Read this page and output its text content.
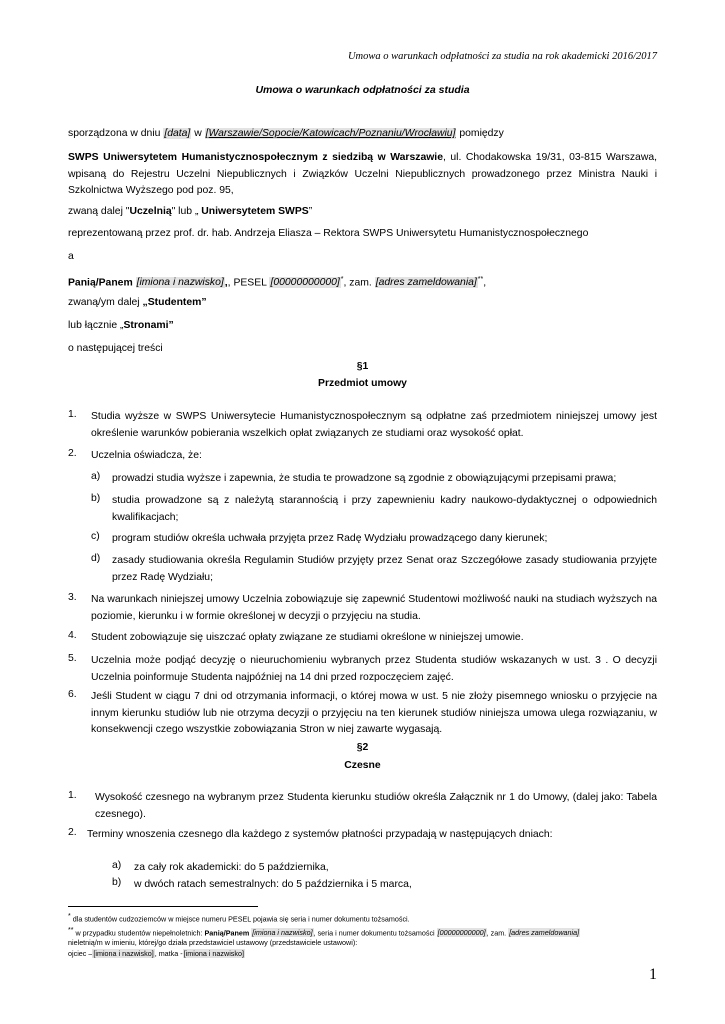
Umowa o warunkach odpłatności za studia na rok akademicki 2016/2017
Umowa o warunkach odpłatności za studia
sporządzona w dniu [data] w [Warszawie/Sopocie/Katowicach/Poznaniu/Wrocławiu] pomiędzy
SWPS Uniwersytetem Humanistycznospołecznym z siedzibą w Warszawie, ul. Chodakowska 19/31, 03-815 Warszawa, wpisaną do Rejestru Uczelni Niepublicznych i Związków Uczelni Niepublicznych prowadzonego przez Ministra Nauki i Szkolnictwa Wyższego pod poz. 95,
zwaną dalej "Uczelnią" lub „ Uniwersytetem SWPS”
reprezentowaną przez prof. dr. hab. Andrzeja Eliasza – Rektora SWPS Uniwersytetu Humanistycznospołecznego
a
Panią/Panem [imiona i nazwisko],, PESEL [00000000000]*, zam. [adres zameldowania]**,
zwaną/ym dalej „Studentem”
lub łącznie „Stronami”
o następującej treści
§1
Przedmiot umowy
1. Studia wyższe w SWPS Uniwersytecie Humanistycznospołecznym są odpłatne zaś przedmiotem niniejszej umowy jest określenie warunków pobierania wszelkich opłat związanych ze studiami oraz wysokość opłat.
2. Uczelnia oświadcza, że:
a) prowadzi studia wyższe i zapewnia, że studia te prowadzone są zgodnie z obowiązującymi przepisami prawa;
b) studia prowadzone są z należytą starannością i przy zapewnieniu kadry naukowo-dydaktycznej o odpowiednich kwalifikacjach;
c) program studiów określa uchwała przyjęta przez Radę Wydziału prowadzącego dany kierunek;
d) zasady studiowania określa Regulamin Studiów przyjęty przez Senat oraz Szczegółowe zasady studiowania przyjęte przez Radę Wydziału;
3. Na warunkach niniejszej umowy Uczelnia zobowiązuje się zapewnić Studentowi możliwość nauki na studiach wyższych na poziomie, kierunku i w formie określonej w decyzji o przyjęciu na studia.
4. Student zobowiązuje się uiszczać opłaty związane ze studiami określone w niniejszej umowie.
5. Uczelnia może podjąć decyzję o nieuruchomieniu wybranych przez Studenta studiów wskazanych w ust. 3 . O decyzji Uczelnia poinformuje Studenta najpóźniej na 14 dni przed rozpoczęciem zajęć.
6. Jeśli Student w ciągu 7 dni od otrzymania informacji, o której mowa w ust. 5 nie złoży pisemnego wniosku o przyjęcie na innym kierunku studiów lub nie otrzyma decyzji o przyjęciu na ten kierunek studiów niniejsza umowa ulega rozwiązaniu, w konsekwencji czego wszystkie zobowiązania Stron w niej zawarte wygasają.
§2
Czesne
1. Wysokość czesnego na wybranym przez Studenta kierunku studiów określa Załącznik nr 1 do Umowy, (dalej jako: Tabela czesnego).
2. Terminy wnoszenia czesnego dla każdego z systemów płatności przypadają w następujących dniach:
a) za cały rok akademicki: do 5 października,
b) w dwóch ratach semestralnych: do 5 października i 5 marca,
* dla studentów cudzoziemców w miejsce numeru PESEL pojawia się seria i numer dokumentu tożsamości.
** w przypadku studentów niepełnoletnich: Panią/Panem [imiona i nazwisko], seria i numer dokumentu tożsamości [00000000000], zam. [adres zameldowania]
nieletnią/m w imieniu, której/go działa przedstawiciel ustawowy (przedstawiciele ustawowi):
ojciec –[imiona i nazwisko], matka -[imiona i nazwisko]
1
